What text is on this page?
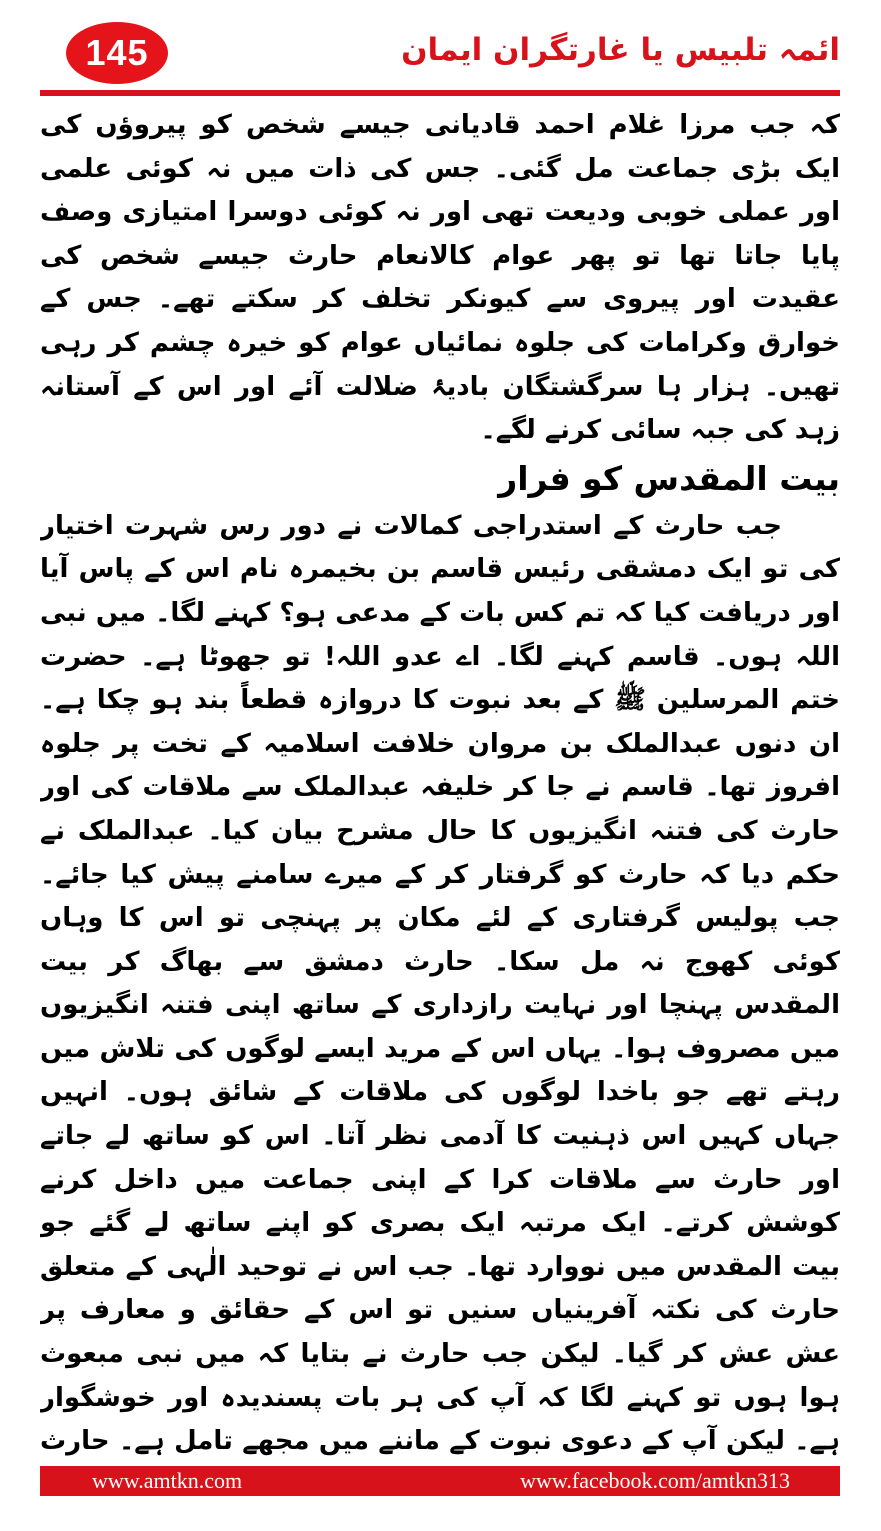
145	ائمہ تلبیس یا غارتگران ایمان

کہ جب مرزا غلام احمد قادیانی جیسے شخص کو پیروؤں کی ایک بڑی جماعت مل گئی۔ جس کی ذات میں نہ کوئی علمی اور عملی خوبی ودیعت تھی اور نہ کوئی دوسرا امتیازی وصف پایا جاتا تھا تو پھر عوام کالانعام حارث جیسے شخص کی عقیدت اور پیروی سے کیونکر تخلف کر سکتے تھے۔ جس کے خوارق وکرامات کی جلوہ نمائیاں عوام کو خیرہ چشم کر رہی تھیں۔ ہزار ہا سرگشتگان بادیۂ ضلالت آئے اور اس کے آستانہ زہد کی جبہ سائی کرنے لگے۔

بیت المقدس کو فرار

جب حارث کے استدراجی کمالات نے دور رس شہرت اختیار کی تو ایک دمشقی رئیس قاسم بن بخیمرہ نام اس کے پاس آیا اور دریافت کیا کہ تم کس بات کے مدعی ہو؟ کہنے لگا۔ میں نبی اللہ ہوں۔ قاسم کہنے لگا۔ اے عدو اللہ! تو جھوٹا ہے۔ حضرت ختم المرسلین ﷺ کے بعد نبوت کا دروازہ قطعاً بند ہو چکا ہے۔ ان دنوں عبدالملک بن مروان خلافت اسلامیہ کے تخت پر جلوہ افروز تھا۔ قاسم نے جا کر خلیفہ عبدالملک سے ملاقات کی اور حارث کی فتنہ انگیزیوں کا حال مشرح بیان کیا۔ عبدالملک نے حکم دیا کہ حارث کو گرفتار کر کے میرے سامنے پیش کیا جائے۔ جب پولیس گرفتاری کے لئے مکان پر پہنچی تو اس کا وہاں کوئی کھوج نہ مل سکا۔ حارث دمشق سے بھاگ کر بیت المقدس پہنچا اور نہایت رازداری کے ساتھ اپنی فتنہ انگیزیوں میں مصروف ہوا۔ یہاں اس کے مرید ایسے لوگوں کی تلاش میں رہتے تھے جو باخدا لوگوں کی ملاقات کے شائق ہوں۔ انہیں جہاں کہیں اس ذہنیت کا آدمی نظر آتا۔ اس کو ساتھ لے جاتے اور حارث سے ملاقات کرا کے اپنی جماعت میں داخل کرنے کوشش کرتے۔ ایک مرتبہ ایک بصری کو اپنے ساتھ لے گئے جو بیت المقدس میں نووارد تھا۔ جب اس نے توحید الٰہی کے متعلق حارث کی نکتہ آفرینیاں سنیں تو اس کے حقائق و معارف پر عش عش کر گیا۔ لیکن جب حارث نے بتایا کہ میں نبی مبعوث ہوا ہوں تو کہنے لگا کہ آپ کی ہر بات پسندیدہ اور خوشگوار ہے۔ لیکن آپ کے دعوی نبوت کے ماننے میں مجھے تامل ہے۔ حارث

www.amtkn.com	www.facebook.com/amtkn313
